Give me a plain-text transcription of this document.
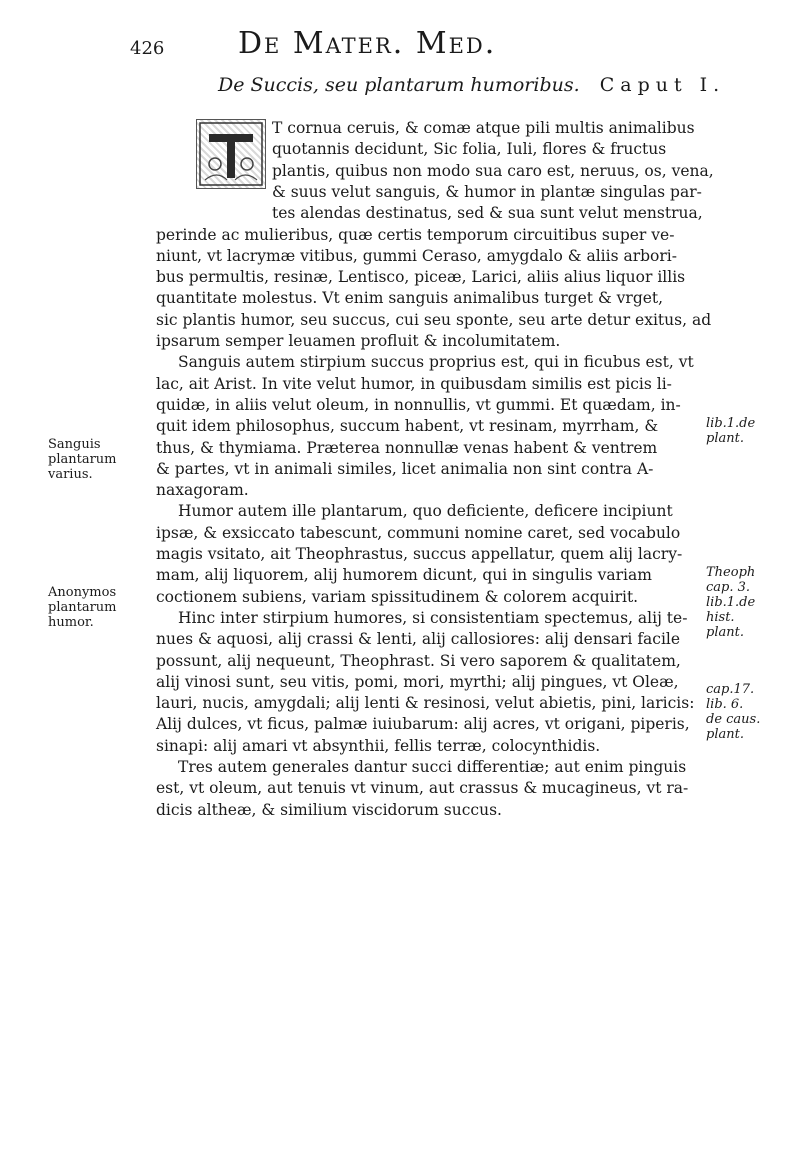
426 De Mater. Med.
De Succis, seu plantarum humoribus. Caput I.
T cornua ceruis, & comæ atque pili multis animalibus
quotannis decidunt, Sic folia, Iuli, flores & fructus
plantis, quibus non modo sua caro est, neruus, os, vena,
& suus velut sanguis, & humor in plantæ singulas par-
tes alendas destinatus, sed & sua sunt velut menstrua,
perinde ac mulieribus, quæ certis temporum circuitibus super ve-
niunt, vt lacrymæ vitibus, gummi Cerasо, amygdalo & aliis arbori-
bus permultis, resinæ, Lentisco, piceæ, Larici, aliis alius liquor illis
quantitate molestus. Vt enim sanguis animalibus turget & vrget,
sic plantis humor, seu succus, cui seu sponte, seu arte detur exitus, ad
ipsarum semper leuamen profluit & incolumitatem.
Sanguis autem stirpium succus proprius est, qui in ficubus est, vt
lac, ait Arist. In vite velut humor, in quibusdam similis est picis li-
quidæ, in aliis velut oleum, in nonnullis, vt gummi. Et quædam, in-
quit idem philosophus, succum habent, vt resinam, myrrham, &
thus, & thymiama. Præterea nonnullæ venas habent & ventrem
& partes, vt in animali similes, licet animalia non sint contra A-
naxagoram.
Humor autem ille plantarum, quo deficiente, deficere incipiunt
ipsæ, & exsiccato tabescunt, communi nomine caret, sed vocabulo
magis vsitato, ait Theophrastus, succus appellatur, quem alij lacry-
mam, alij liquorem, alij humorem dicunt, qui in singulis variam
coctionem subiens, variam spissitudinem & colorem acquirit.
Hinc inter stirpium humores, si consistentiam spectemus, alij te-
nues & aquosi, alij crassi & lenti, alij callosiores: alij densari facile
possunt, alij nequeunt, Theophrast. Si vero saporem & qualitatem,
alij vinosi sunt, seu vitis, pomi, mori, myrthi; alij pingues, vt Oleæ,
lauri, nucis, amygdali; alij lenti & resinosi, velut abietis, pini, laricis:
Alij dulces, vt ficus, palmæ iuiubarum: alij acres, vt origani, piperis,
sinapi: alij amari vt absynthii, fellis terræ, colocynthidis.
Tres autem generales dantur succi differentiæ; aut enim pinguis
est, vt oleum, aut tenuis vt vinum, aut crassus & mucagineus, vt ra-
dicis altheæ, & similium viscidorum succus.
Sanguis
plantarum
varius.
Anonymos
plantarum
humor.
lib.1.de
plant.
Theoph
cap. 3.
lib.1.de
hist.
plant.
cap.17.
lib. 6.
de caus.
plant.
